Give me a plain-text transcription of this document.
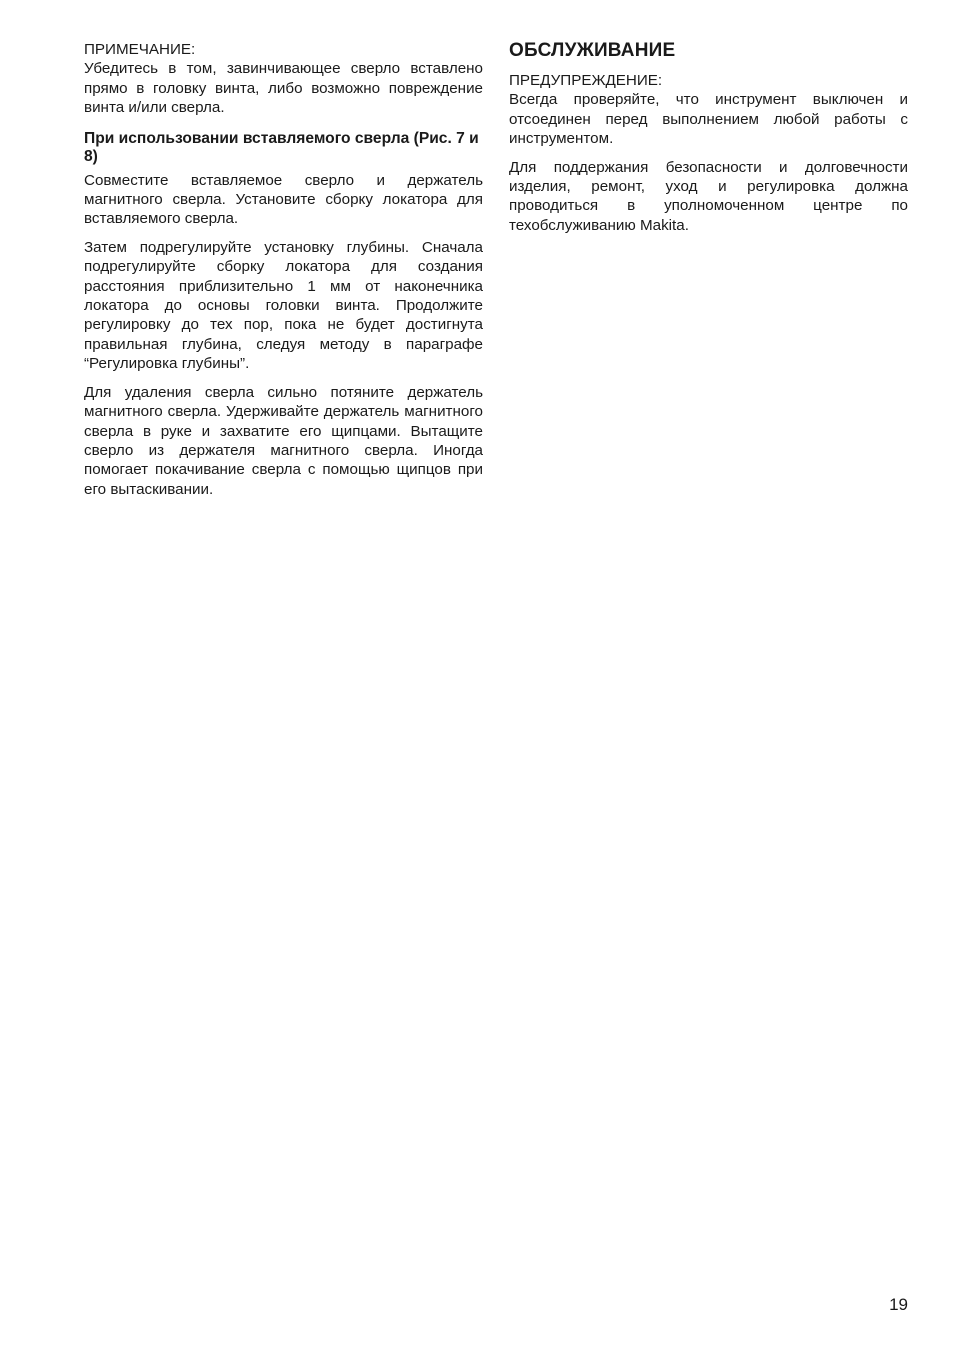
ПРИМЕЧАНИЕ:

Убедитесь в том, завинчивающее сверло вставлено прямо в головку винта, либо возможно повреждение винта и/или сверла.

При использовании вставляемого сверла (Рис. 7 и 8)

Совместите вставляемое сверло и держатель магнитного сверла. Установите сборку локатора для вставляемого сверла.

Затем подрегулируйте установку глубины. Сначала подрегулируйте сборку локатора для создания расстояния приблизительно 1 мм от наконечника локатора до основы головки винта. Продолжите регулировку до тех пор, пока не будет достигнута правильная глубина, следуя методу в параграфе “Регулировка глубины”.

Для удаления сверла сильно потяните держатель магнитного сверла. Удерживайте держатель магнитного сверла в руке и захватите его щипцами. Вытащите сверло из держателя магнитного сверла. Иногда помогает покачивание сверла с помощью щипцов при его вытаскивании.

ОБСЛУЖИВАНИЕ

ПРЕДУПРЕЖДЕНИЕ:

Всегда проверяйте, что инструмент выключен и отсоединен перед выполнением любой работы с инструментом.

Для поддержания безопасности и долговечности изделия, ремонт, уход и регулировка должна проводиться в уполномоченном центре по техобслуживанию Makita.

19
